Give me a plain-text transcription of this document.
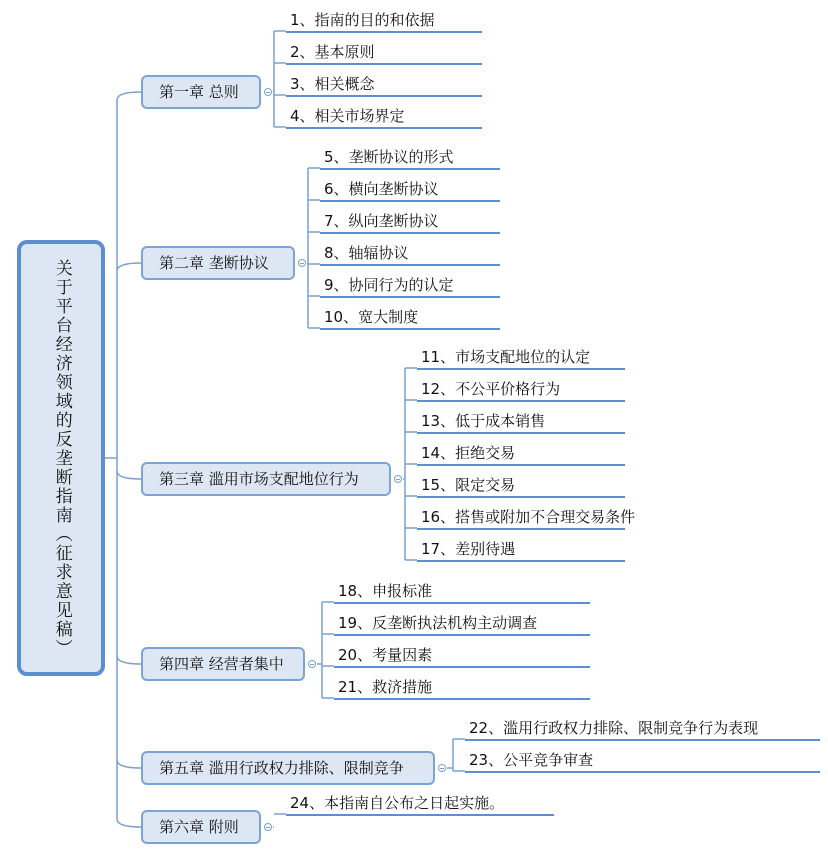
关于平台经济领域的反垄断指南（征求意见稿）
第一章 总则
1、指南的目的和依据
2、基本原则
3、相关概念
4、相关市场界定
第二章 垄断协议
5、垄断协议的形式
6、横向垄断协议
7、纵向垄断协议
8、轴辐协议
9、协同行为的认定
10、宽大制度
第三章 滥用市场支配地位行为
11、市场支配地位的认定
12、不公平价格行为
13、低于成本销售
14、拒绝交易
15、限定交易
16、搭售或附加不合理交易条件
17、差别待遇
第四章 经营者集中
18、申报标准
19、反垄断执法机构主动调查
20、考量因素
21、救济措施
第五章 滥用行政权力排除、限制竞争
22、滥用行政权力排除、限制竞争行为表现
23、公平竞争审查
第六章 附则
24、本指南自公布之日起实施。
